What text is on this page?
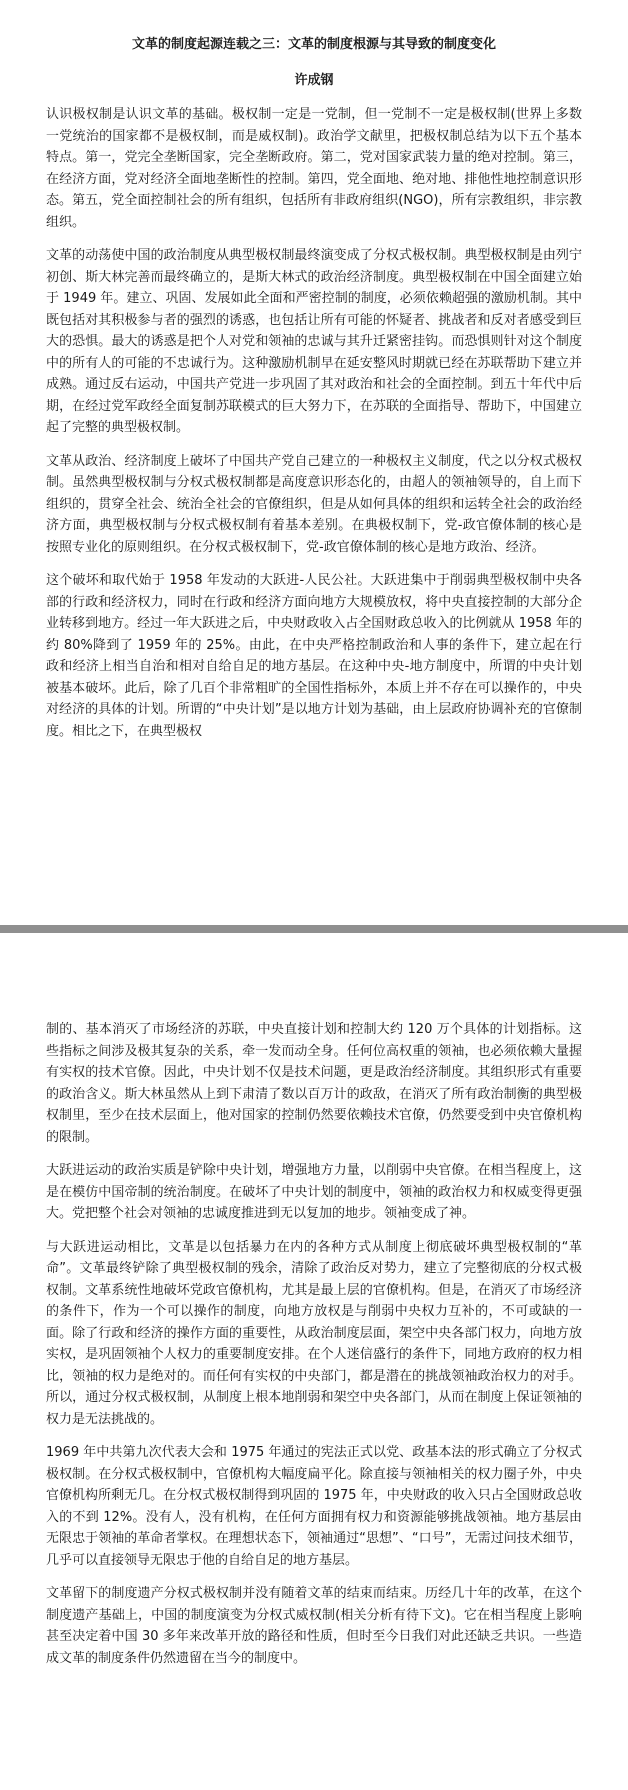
文革的制度起源连载之三：文革的制度根源与其导致的制度变化
许成钢

认识极权制是认识文革的基础。极权制一定是一党制，但一党制不一定是极权制(世界上多数一党统治的国家都不是极权制，而是威权制)。政治学文献里，把极权制总结为以下五个基本特点。第一，党完全垄断国家，完全垄断政府。第二，党对国家武装力量的绝对控制。第三，在经济方面，党对经济全面地垄断性的控制。第四，党全面地、绝对地、排他性地控制意识形态。第五，党全面控制社会的所有组织，包括所有非政府组织(NGO)，所有宗教组织，非宗教组织。

文革的动荡使中国的政治制度从典型极权制最终演变成了分权式极权制。典型极权制是由列宁初创、斯大林完善而最终确立的，是斯大林式的政治经济制度。典型极权制在中国全面建立始于 1949 年。建立、巩固、发展如此全面和严密控制的制度，必须依赖超强的激励机制。其中既包括对其积极参与者的强烈的诱惑，也包括让所有可能的怀疑者、挑战者和反对者感受到巨大的恐惧。最大的诱惑是把个人对党和领袖的忠诚与其升迁紧密挂钩。而恐惧则针对这个制度中的所有人的可能的不忠诚行为。这种激励机制早在延安整风时期就已经在苏联帮助下建立并成熟。通过反右运动，中国共产党进一步巩固了其对政治和社会的全面控制。到五十年代中后期，在经过党军政经全面复制苏联模式的巨大努力下，在苏联的全面指导、帮助下，中国建立起了完整的典型极权制。

文革从政治、经济制度上破坏了中国共产党自己建立的一种极权主义制度，代之以分权式极权制。虽然典型极权制与分权式极权制都是高度意识形态化的，由超人的领袖领导的，自上而下组织的，贯穿全社会、统治全社会的官僚组织，但是从如何具体的组织和运转全社会的政治经济方面，典型极权制与分权式极权制有着基本差别。在典极权制下，党-政官僚体制的核心是按照专业化的原则组织。在分权式极权制下，党-政官僚体制的核心是地方政治、经济。

这个破坏和取代始于 1958 年发动的大跃进-人民公社。大跃进集中于削弱典型极权制中央各部的行政和经济权力，同时在行政和经济方面向地方大规模放权，将中央直接控制的大部分企业转移到地方。经过一年大跃进之后，中央财政收入占全国财政总收入的比例就从 1958 年的约 80%降到了 1959 年的 25%。由此，在中央严格控制政治和人事的条件下，建立起在行政和经济上相当自治和相对自给自足的地方基层。在这种中央-地方制度中，所谓的中央计划被基本破坏。此后，除了几百个非常粗旷的全国性指标外，本质上并不存在可以操作的，中央对经济的具体的计划。所谓的“中央计划”是以地方计划为基础，由上层政府协调补充的官僚制度。相比之下，在典型极权

制的、基本消灭了市场经济的苏联，中央直接计划和控制大约 120 万个具体的计划指标。这些指标之间涉及极其复杂的关系，牵一发而动全身。任何位高权重的领袖，也必须依赖大量握有实权的技术官僚。因此，中央计划不仅是技术问题，更是政治经济制度。其组织形式有重要的政治含义。斯大林虽然从上到下肃清了数以百万计的政敌，在消灭了所有政治制衡的典型极权制里，至少在技术层面上，他对国家的控制仍然要依赖技术官僚，仍然要受到中央官僚机构的限制。

大跃进运动的政治实质是铲除中央计划，增强地方力量，以削弱中央官僚。在相当程度上，这是在模仿中国帝制的统治制度。在破坏了中央计划的制度中，领袖的政治权力和权威变得更强大。党把整个社会对领袖的忠诚度推进到无以复加的地步。领袖变成了神。

与大跃进运动相比，文革是以包括暴力在内的各种方式从制度上彻底破坏典型极权制的“革命”。文革最终铲除了典型极权制的残余，清除了政治反对势力，建立了完整彻底的分权式极权制。文革系统性地破坏党政官僚机构，尤其是最上层的官僚机构。但是，在消灭了市场经济的条件下，作为一个可以操作的制度，向地方放权是与削弱中央权力互补的，不可或缺的一面。除了行政和经济的操作方面的重要性，从政治制度层面，架空中央各部门权力，向地方放实权，是巩固领袖个人权力的重要制度安排。在个人迷信盛行的条件下，同地方政府的权力相比，领袖的权力是绝对的。而任何有实权的中央部门，都是潜在的挑战领袖政治权力的对手。所以，通过分权式极权制，从制度上根本地削弱和架空中央各部门，从而在制度上保证领袖的权力是无法挑战的。

1969 年中共第九次代表大会和 1975 年通过的宪法正式以党、政基本法的形式确立了分权式极权制。在分权式极权制中，官僚机构大幅度扁平化。除直接与领袖相关的权力圈子外，中央官僚机构所剩无几。在分权式极权制得到巩固的 1975 年，中央财政的收入只占全国财政总收入的不到 12%。没有人，没有机构，在任何方面拥有权力和资源能够挑战领袖。地方基层由无限忠于领袖的革命者掌权。在理想状态下，领袖通过“思想”、“口号”，无需过问技术细节，几乎可以直接领导无限忠于他的自给自足的地方基层。

文革留下的制度遗产分权式极权制并没有随着文革的结束而结束。历经几十年的改革，在这个制度遗产基础上，中国的制度演变为分权式威权制(相关分析有待下文)。它在相当程度上影响甚至决定着中国 30 多年来改革开放的路径和性质，但时至今日我们对此还缺乏共识。一些造成文革的制度条件仍然遗留在当今的制度中。
